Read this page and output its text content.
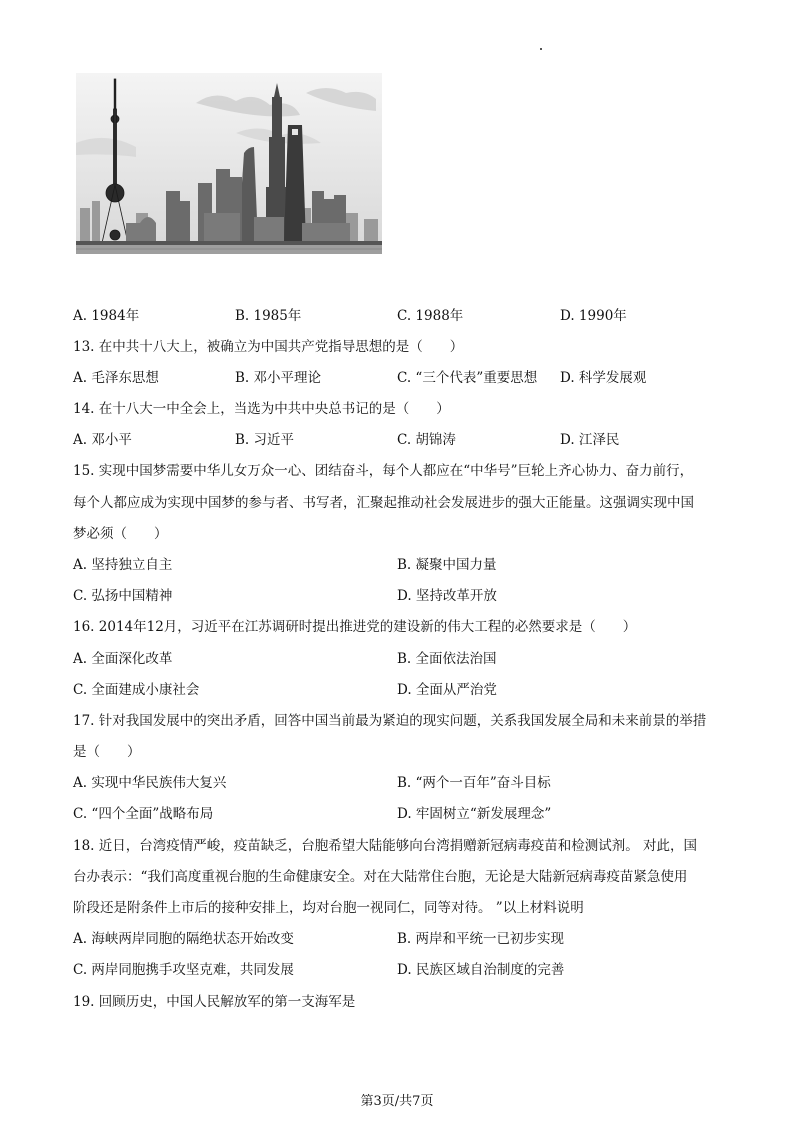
A. 1984年	B. 1985年	C. 1988年	D. 1990年
13. 在中共十八大上，被确立为中国共产党指导思想的是（　　）
A. 毛泽东思想	B. 邓小平理论	C. “三个代表”重要思想 D. 科学发展观
14. 在十八大一中全会上，当选为中共中央总书记的是（　　）
A. 邓小平	B. 习近平	C. 胡锦涛	D. 江泽民
15. 实现中国梦需要中华儿女万众一心、团结奋斗，每个人都应在“中华号”巨轮上齐心协力、奋力前行，
每个人都应成为实现中国梦的参与者、书写者，汇聚起推动社会发展进步的强大正能量。这强调实现中国
梦必须（　　）
A. 坚持独立自主	B. 凝聚中国力量
C. 弘扬中国精神	D. 坚持改革开放
16. 2014年12月，习近平在江苏调研时提出推进党的建设新的伟大工程的必然要求是（　　）
A. 全面深化改革	B. 全面依法治国
C. 全面建成小康社会	D. 全面从严治党
17. 针对我国发展中的突出矛盾，回答中国当前最为紧迫的现实问题，关系我国发展全局和未来前景的举措
是（　　）
A. 实现中华民族伟大复兴	B. “两个一百年”奋斗目标
C. “四个全面”战略布局	D. 牢固树立“新发展理念”
18. 近日，台湾疫情严峻，疫苗缺乏，台胞希望大陆能够向台湾捐赠新冠病毒疫苗和检测试剂。 对此，国
台办表示：“我们高度重视台胞的生命健康安全。对在大陆常住台胞，无论是大陆新冠病毒疫苗紧急使用
阶段还是附条件上市后的接种安排上，均对台胞一视同仁，同等对待。 ”以上材料说明
A. 海峡两岸同胞的隔绝状态开始改变	B. 两岸和平统一已初步实现
C. 两岸同胞携手攻坚克难，共同发展	D. 民族区域自治制度的完善
19. 回顾历史，中国人民解放军的第一支海军是
第3页/共7页
